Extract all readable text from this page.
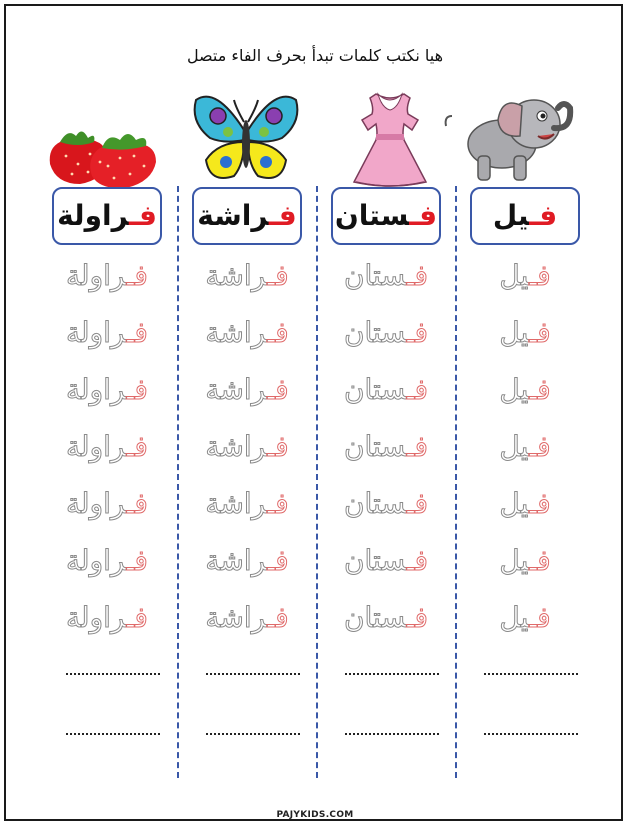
هيا نكتب كلمات تبدأ بحرف الفاء متصل
فـيل
فـستان
فـراشة
فـراولة
فـيل
فـيل
فـيل
فـيل
فـيل
فـيل
فـيل
فـستان
فـستان
فـستان
فـستان
فـستان
فـستان
فـستان
فـراشة
فـراشة
فـراشة
فـراشة
فـراشة
فـراشة
فـراشة
فـراولة
فـراولة
فـراولة
فـراولة
فـراولة
فـراولة
فـراولة
PAJYKIDS.COM
